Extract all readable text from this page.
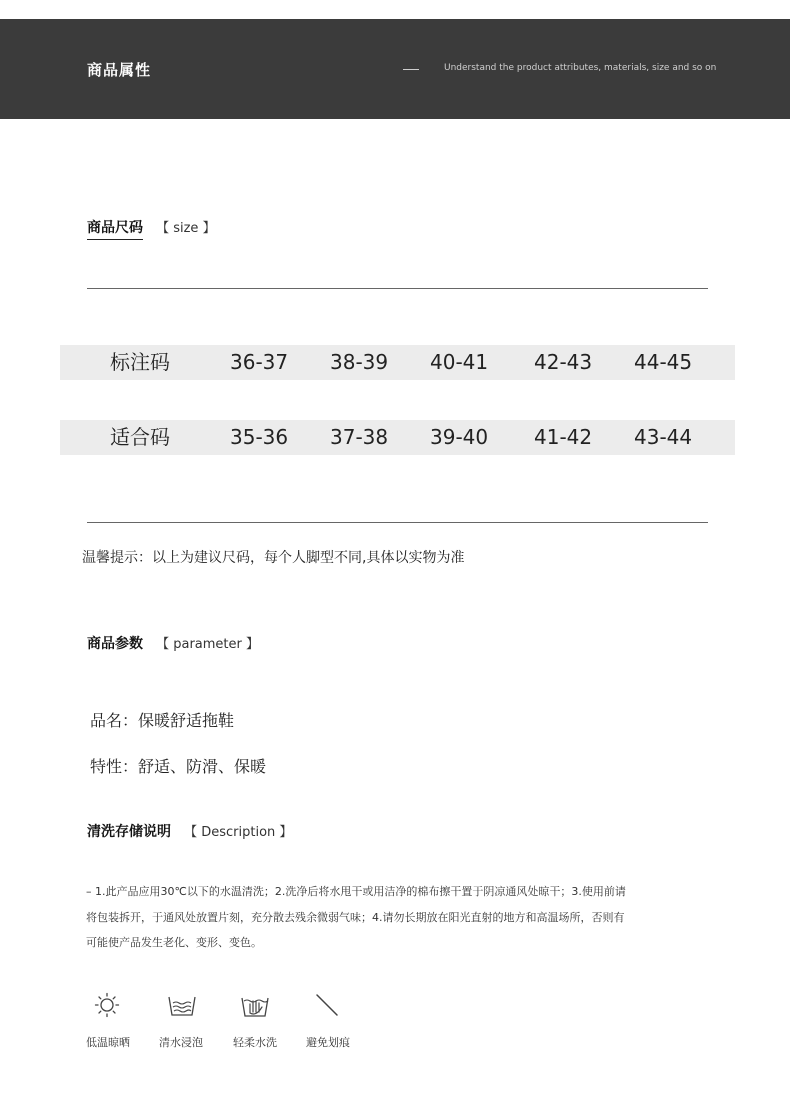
商品属性	Understand the product attributes, materials, size and so on
商品尺码 【 size 】
标注码	36-37 38-39 40-41 42-43 44-45
适合码	35-36 37-38 39-40 41-42 43-44
温馨提示：以上为建议尺码，每个人脚型不同,具体以实物为准
商品参数 【 parameter 】
品名：保暖舒适拖鞋
特性：舒适、防滑、保暖
清洗存储说明 【 Description 】
– 1.此产品应用30℃以下的水温清洗；2.洗净后将水甩干或用洁净的棉布擦干置于阴凉通风处晾干；3.使用前请
将包装拆开，于通风处放置片刻，充分散去残余微弱气味；4.请勿长期放在阳光直射的地方和高温场所，否则有
可能使产品发生老化、变形、变色。
低温晾晒	清水浸泡	轻柔水洗	避免划痕
